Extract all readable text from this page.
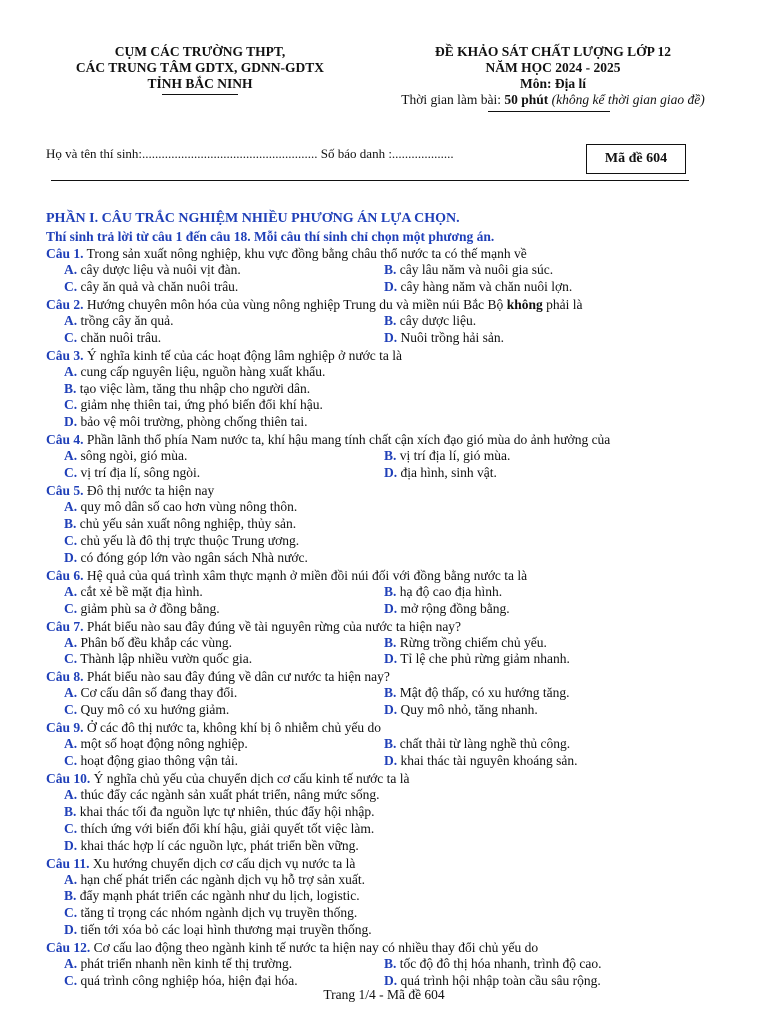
CỤM CÁC TRƯỜNG THPT,
CÁC TRUNG TÂM GDTX, GDNN-GDTX
TỈNH BẮC NINH
ĐỀ KHẢO SÁT CHẤT LƯỢNG LỚP 12
NĂM HỌC 2024 - 2025
Môn: Địa lí
Thời gian làm bài: 50 phút (không kể thời gian giao đề)
Họ và tên thí sinh:...................................................... Số báo danh :...................	Mã đề 604
PHẦN I. CÂU TRẮC NGHIỆM NHIỀU PHƯƠNG ÁN LỰA CHỌN.
Thí sinh trả lời từ câu 1 đến câu 18. Mỗi câu thí sinh chỉ chọn một phương án.
Câu 1. Trong sản xuất nông nghiệp, khu vực đồng bằng châu thổ nước ta có thế mạnh về
A. cây dược liệu và nuôi vịt đàn.	B. cây lâu năm và nuôi gia súc.
C. cây ăn quả và chăn nuôi trâu.	D. cây hàng năm và chăn nuôi lợn.
Câu 2. Hướng chuyên môn hóa của vùng nông nghiệp Trung du và miền núi Bắc Bộ không phải là
A. trồng cây ăn quả.	B. cây dược liệu.
C. chăn nuôi trâu.	D. Nuôi trồng hải sản.
Câu 3. Ý nghĩa kinh tế của các hoạt động lâm nghiệp ở nước ta là
A. cung cấp nguyên liệu, nguồn hàng xuất khẩu.
B. tạo việc làm, tăng thu nhập cho người dân.
C. giảm nhẹ thiên tai, ứng phó biến đổi khí hậu.
D. bảo vệ môi trường, phòng chống thiên tai.
Câu 4. Phần lãnh thổ phía Nam nước ta, khí hậu mang tính chất cận xích đạo gió mùa do ảnh hưởng của
A. sông ngòi, gió mùa.	B. vị trí địa lí, gió mùa.
C. vị trí địa lí, sông ngòi.	D. địa hình, sinh vật.
Câu 5. Đô thị nước ta hiện nay
A. quy mô dân số cao hơn vùng nông thôn.
B. chủ yếu sản xuất nông nghiệp, thủy sản.
C. chủ yếu là đô thị trực thuộc Trung ương.
D. có đóng góp lớn vào ngân sách Nhà nước.
Câu 6. Hệ quả của quá trình xâm thực mạnh ở miền đồi núi đối với đồng bằng nước ta là
A. cắt xẻ bề mặt địa hình.	B. hạ độ cao địa hình.
C. giảm phù sa ở đồng bằng.	D. mở rộng đồng bằng.
Câu 7. Phát biểu nào sau đây đúng về tài nguyên rừng của nước ta hiện nay?
A. Phân bố đều khắp các vùng.	B. Rừng trồng chiếm chủ yếu.
C. Thành lập nhiều vườn quốc gia.	D. Tỉ lệ che phủ rừng giảm nhanh.
Câu 8. Phát biểu nào sau đây đúng về dân cư nước ta hiện nay?
A. Cơ cấu dân số đang thay đổi.	B. Mật độ thấp, có xu hướng tăng.
C. Quy mô có xu hướng giảm.	D. Quy mô nhỏ, tăng nhanh.
Câu 9. Ở các đô thị nước ta, không khí bị ô nhiễm chủ yếu do
A. một số hoạt động nông nghiệp.	B. chất thải từ làng nghề thủ công.
C. hoạt động giao thông vận tải.	D. khai thác tài nguyên khoáng sản.
Câu 10. Ý nghĩa chủ yếu của chuyển dịch cơ cấu kinh tế nước ta là
A. thúc đẩy các ngành sản xuất phát triển, nâng mức sống.
B. khai thác tối đa nguồn lực tự nhiên, thúc đẩy hội nhập.
C. thích ứng với biến đổi khí hậu, giải quyết tốt việc làm.
D. khai thác hợp lí các nguồn lực, phát triển bền vững.
Câu 11. Xu hướng chuyển dịch cơ cấu dịch vụ nước ta là
A. hạn chế phát triển các ngành dịch vụ hỗ trợ sản xuất.
B. đẩy mạnh phát triển các ngành như du lịch, logistic.
C. tăng tỉ trọng các nhóm ngành dịch vụ truyền thống.
D. tiến tới xóa bỏ các loại hình thương mại truyền thống.
Câu 12. Cơ cấu lao động theo ngành kinh tế nước ta hiện nay có nhiều thay đổi chủ yếu do
A. phát triển nhanh nền kinh tế thị trường.	B. tốc độ đô thị hóa nhanh, trình độ cao.
C. quá trình công nghiệp hóa, hiện đại hóa.	D. quá trình hội nhập toàn cầu sâu rộng.
Trang 1/4 - Mã đề 604
